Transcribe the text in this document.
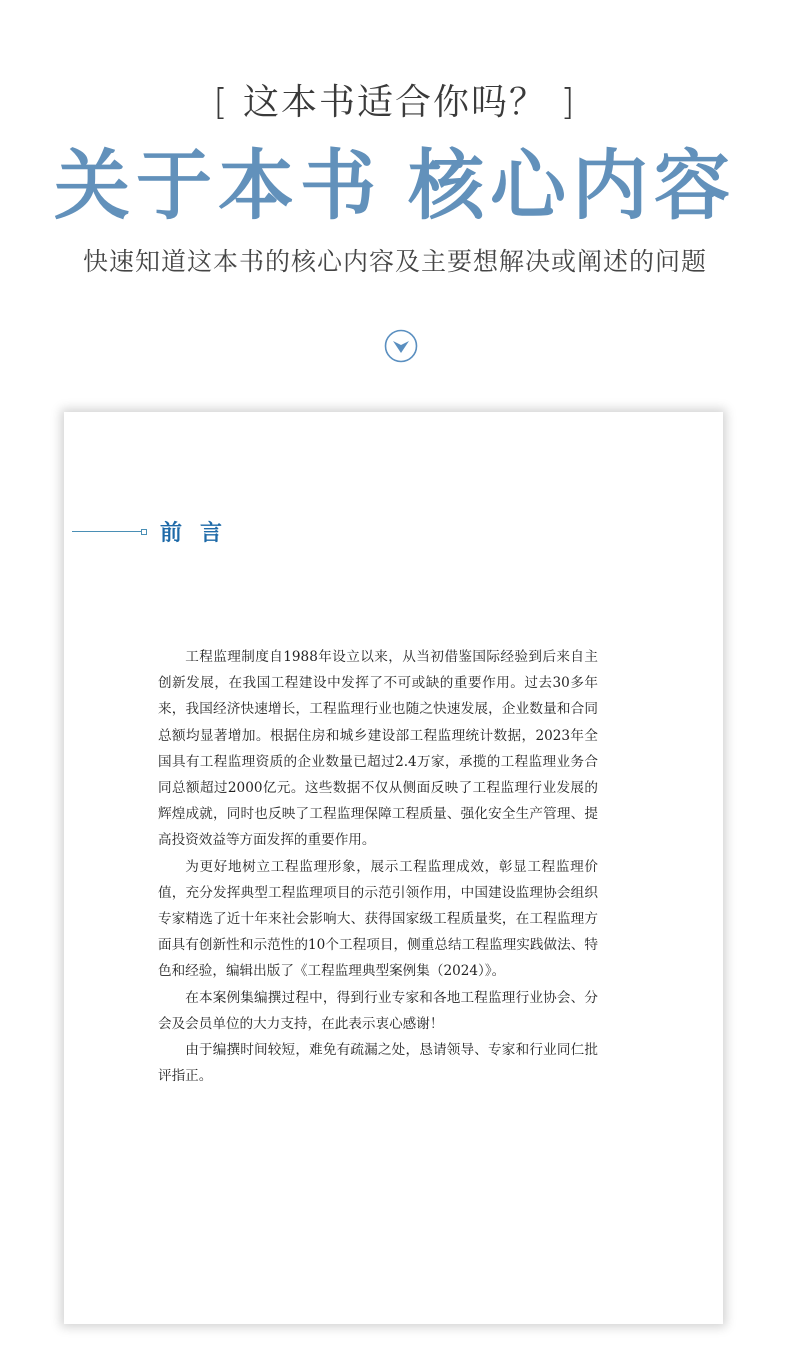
[ 这本书适合你吗？ ]
关于本书 核心内容
快速知道这本书的核心内容及主要想解决或阐述的问题
前言

工程监理制度自1988年设立以来，从当初借鉴国际经验到后来自主创新发展，在我国工程建设中发挥了不可或缺的重要作用。过去30多年来，我国经济快速增长，工程监理行业也随之快速发展，企业数量和合同总额均显著增加。根据住房和城乡建设部工程监理统计数据，2023年全国具有工程监理资质的企业数量已超过2.4万家，承揽的工程监理业务合同总额超过2000亿元。这些数据不仅从侧面反映了工程监理行业发展的辉煌成就，同时也反映了工程监理保障工程质量、强化安全生产管理、提高投资效益等方面发挥的重要作用。

为更好地树立工程监理形象，展示工程监理成效，彰显工程监理价值，充分发挥典型工程监理项目的示范引领作用，中国建设监理协会组织专家精选了近十年来社会影响大、获得国家级工程质量奖，在工程监理方面具有创新性和示范性的10个工程项目，侧重总结工程监理实践做法、特色和经验，编辑出版了《工程监理典型案例集（2024）》。

在本案例集编撰过程中，得到行业专家和各地工程监理行业协会、分会及会员单位的大力支持，在此表示衷心感谢！

由于编撰时间较短，难免有疏漏之处，恳请领导、专家和行业同仁批评指正。
